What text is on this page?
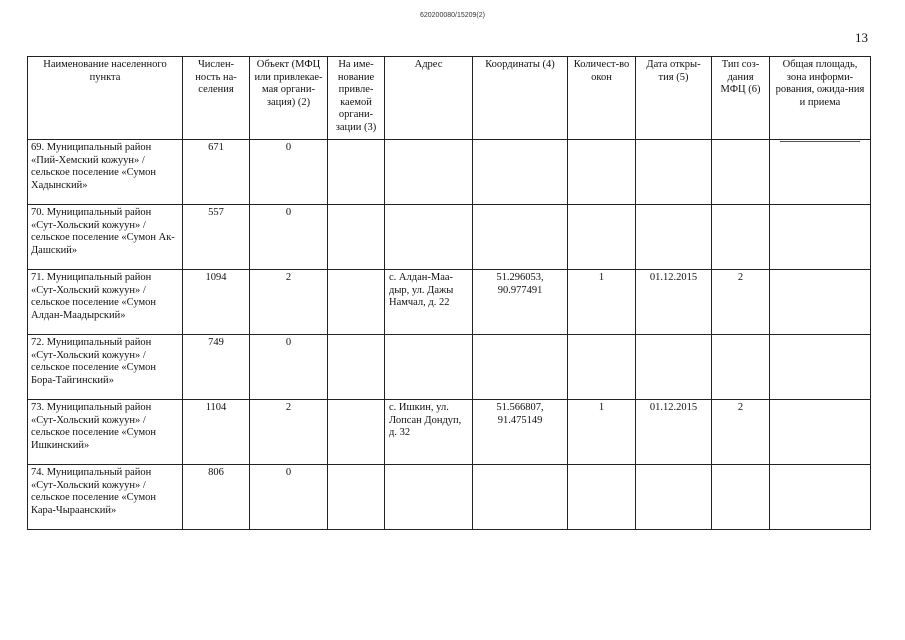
620200080/15209(2)
13
Наименование населенного пункта	Числен-ность на-селения	Объект (МФЦ или привлекае-мая органи-зация) (2)	На име-нование привле-каемой органи-зации (3)	Адрес	Координаты (4)	Количест-во окон	Дата откры-тия (5)	Тип соз-дания МФЦ (6)	Общая площадь, зона информи-рования, ожида-ния и приема
69. Муниципальный район «Пий-Хемский кожуун» / сельское поселение «Сумон Хадынский»	671	0							

70. Муниципальный район «Сут-Хольский кожуун» / сельское поселение «Сумон Ак-Дашский»	557	0							
71. Муниципальный район «Сут-Хольский кожуун» / сельское поселение «Сумон Алдан-Маадырский»	1094	2		с. Алдан-Маа-дыр, ул. Дажы Намчал, д. 22	51.296053, 90.977491	1	01.12.2015	2	
72. Муниципальный район «Сут-Хольский кожуун» / сельское поселение «Сумон Бора-Тайгинский»	749	0							
73. Муниципальный район «Сут-Хольский кожуун» / сельское поселение «Сумон Ишкинский»	1104	2		с. Ишкин, ул. Лопсан Дондуп, д. 32	51.566807, 91.475149	1	01.12.2015	2	
74. Муниципальный район «Сут-Хольский кожуун» / сельское поселение «Сумон Кара-Чыраанский»	806	0							
